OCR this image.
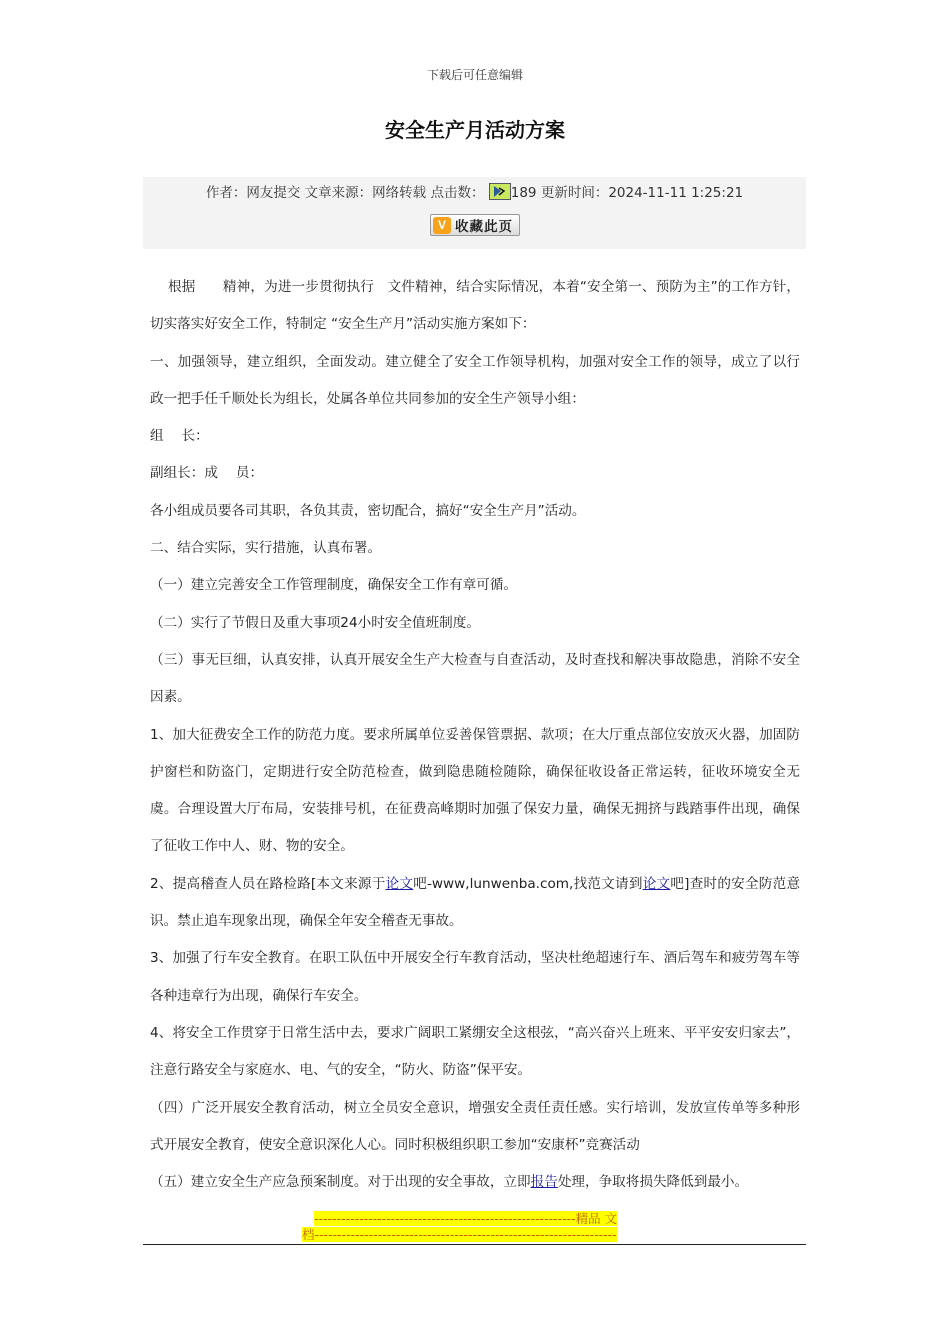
下载后可任意编辑
安全生产月活动方案
作者：网友提交 文章来源：网络转载 点击数： 189 更新时间：2024-11-11 1:25:21
V 收藏此页

根据　　精神，为进一步贯彻执行　文件精神，结合实际情况，本着“安全第一、预防为主”的工作方针，切实落实好安全工作，特制定 “安全生产月”活动实施方案如下：

一、加强领导，建立组织，全面发动。建立健全了安全工作领导机构，加强对安全工作的领导，成立了以行政一把手任千顺处长为组长，处属各单位共同参加的安全生产领导小组：

组　 长：

副组长：成　 员：

各小组成员要各司其职，各负其责，密切配合，搞好“安全生产月”活动。

二、结合实际，实行措施，认真布署。

（一）建立完善安全工作管理制度，确保安全工作有章可循。

（二）实行了节假日及重大事项24小时安全值班制度。

（三）事无巨细，认真安排，认真开展安全生产大检查与自查活动，及时查找和解决事故隐患，消除不安全因素。

1、加大征费安全工作的防范力度。要求所属单位妥善保管票据、款项；在大厅重点部位安放灭火器，加固防护窗栏和防盗门，定期进行安全防范检查，做到隐患随检随除，确保征收设备正常运转，征收环境安全无虞。合理设置大厅布局，安装排号机，在征费高峰期时加强了保安力量，确保无拥挤与践踏事件出现，确保了征收工作中人、财、物的安全。

2、提高稽查人员在路检路[本文来源于论文吧-www,lunwenba.com,找范文请到论文吧]查时的安全防范意识。禁止追车现象出现，确保全年安全稽查无事故。

3、加强了行车安全教育。在职工队伍中开展安全行车教育活动，坚决杜绝超速行车、酒后驾车和疲劳驾车等各种违章行为出现，确保行车安全。

4、将安全工作贯穿于日常生活中去，要求广阔职工紧绷安全这根弦，“高兴奋兴上班来、平平安安归家去”，注意行路安全与家庭水、电、气的安全，“防火、防盗”保平安。

（四）广泛开展安全教育活动，树立全员安全意识，增强安全责任责任感。实行培训，发放宣传单等多种形式开展安全教育，使安全意识深化人心。同时积极组织职工参加“安康杯”竞赛活动

（五）建立安全生产应急预案制度。对于出现的安全事故，立即报告处理，争取将损失降低到最小。

----------------------------------------------------------精品 文
档-------------------------------------------------------------------
